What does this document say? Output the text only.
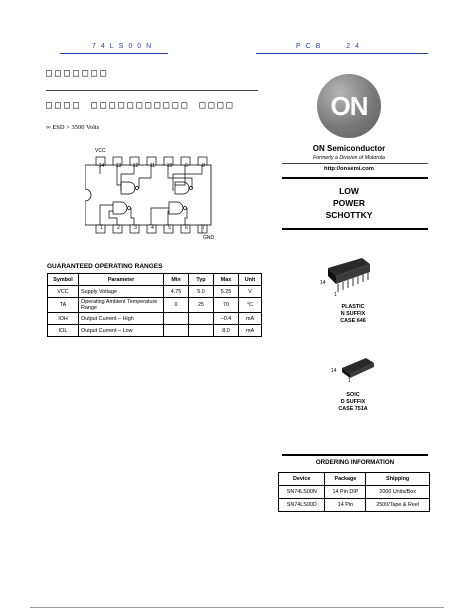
74LS00N	PCB   24
□□□□□□□
□□□□ □□□□□□□□□□□ □□□□
∞ ESD > 3500 Volts
VCC
GND
14	13	12	11	10	9	8
1	2	3	4	5	6	7
GUARANTEED OPERATING RANGES
Symbol	Parameter	Min	Typ	Max	Unit
VCC	Supply Voltage	4.75	5.0	5.25	V
TA	Operating Ambient Temperature Range	0	25	70	°C
IOH	Output Current – High			–0.4	mA
IOL	Output Current – Low			8.0	mA
ON
ON Semiconductor
Formerly a Division of Motorola
http://onsemi.com
LOW
POWER
SCHOTTKY
14
1
PLASTIC
N SUFFIX
CASE 646
14
1
SOIC
D SUFFIX
CASE 751A
ORDERING INFORMATION
Device	Package	Shipping
SN74LS00N	14 Pin DIP	2000 Units/Box
SN74LS00D	14 Pin	2500/Tape & Reel
